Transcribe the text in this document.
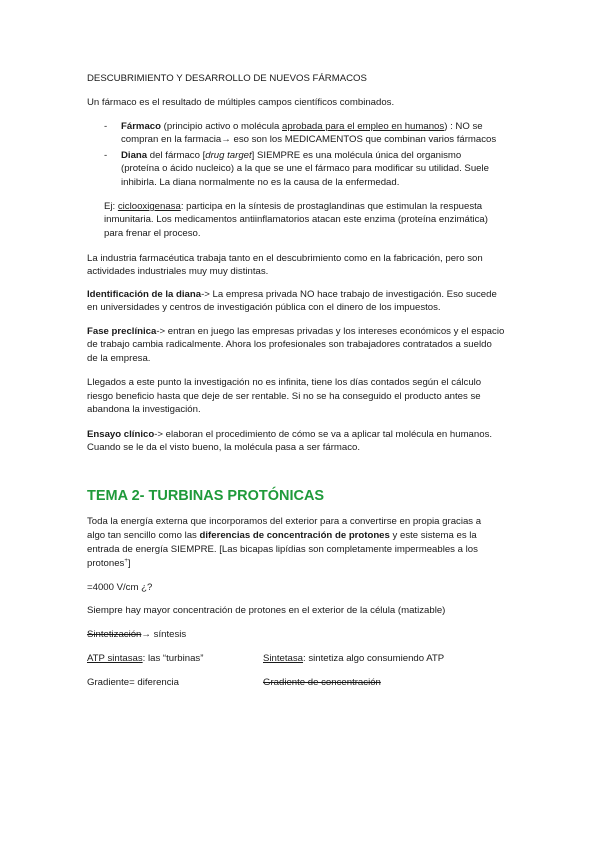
DESCUBRIMIENTO Y DESARROLLO DE NUEVOS FÁRMACOS
Un fármaco es el resultado de múltiples campos científicos combinados.
- Fármaco (principio activo o molécula aprobada para el empleo en humanos) : NO se
compran en la farmacia→ eso son los MEDICAMENTOS que combinan varios fármacos
- Diana del fármaco [drug target] SIEMPRE es una molécula única del organismo
(proteína o ácido nucleico) a la que se une el fármaco para modificar su utilidad. Suele
inhibirla. La diana normalmente no es la causa de la enfermedad.
Ej: ciclooxigenasa: participa en la síntesis de prostaglandinas que estimulan la respuesta
inmunitaria. Los medicamentos antiinflamatorios atacan este enzima (proteína enzimática)
para frenar el proceso.
La industria farmacéutica trabaja tanto en el descubrimiento como en la fabricación, pero son
actividades industriales muy muy distintas.
Identificación de la diana-> La empresa privada NO hace trabajo de investigación. Eso sucede
en universidades y centros de investigación pública con el dinero de los impuestos.
Fase preclínica-> entran en juego las empresas privadas y los intereses económicos y el espacio
de trabajo cambia radicalmente. Ahora los profesionales son trabajadores contratados a sueldo
de la empresa.
Llegados a este punto la investigación no es infinita, tiene los días contados según el cálculo
riesgo beneficio hasta que deje de ser rentable. Si no se ha conseguido el producto antes se
abandona la investigación.
Ensayo clínico-> elaboran el procedimiento de cómo se va a aplicar tal molécula en humanos.
Cuando se le da el visto bueno, la molécula pasa a ser fármaco.
TEMA 2- TURBINAS PROTÓNICAS
Toda la energía externa que incorporamos del exterior para a convertirse en propia gracias a
algo tan sencillo como las diferencias de concentración de protones y este sistema es la
entrada de energía SIEMPRE. [Las bicapas lipídias son completamente impermeables a los
protones+]
=4000 V/cm ¿?
Siempre hay mayor concentración de protones en el exterior de la célula (matizable)
Sintetización→ síntesis
ATP sintasas: las “turbinas”	Sintetasa: sintetiza algo consumiendo ATP
Gradiente= diferencia	Gradiente de concentración
